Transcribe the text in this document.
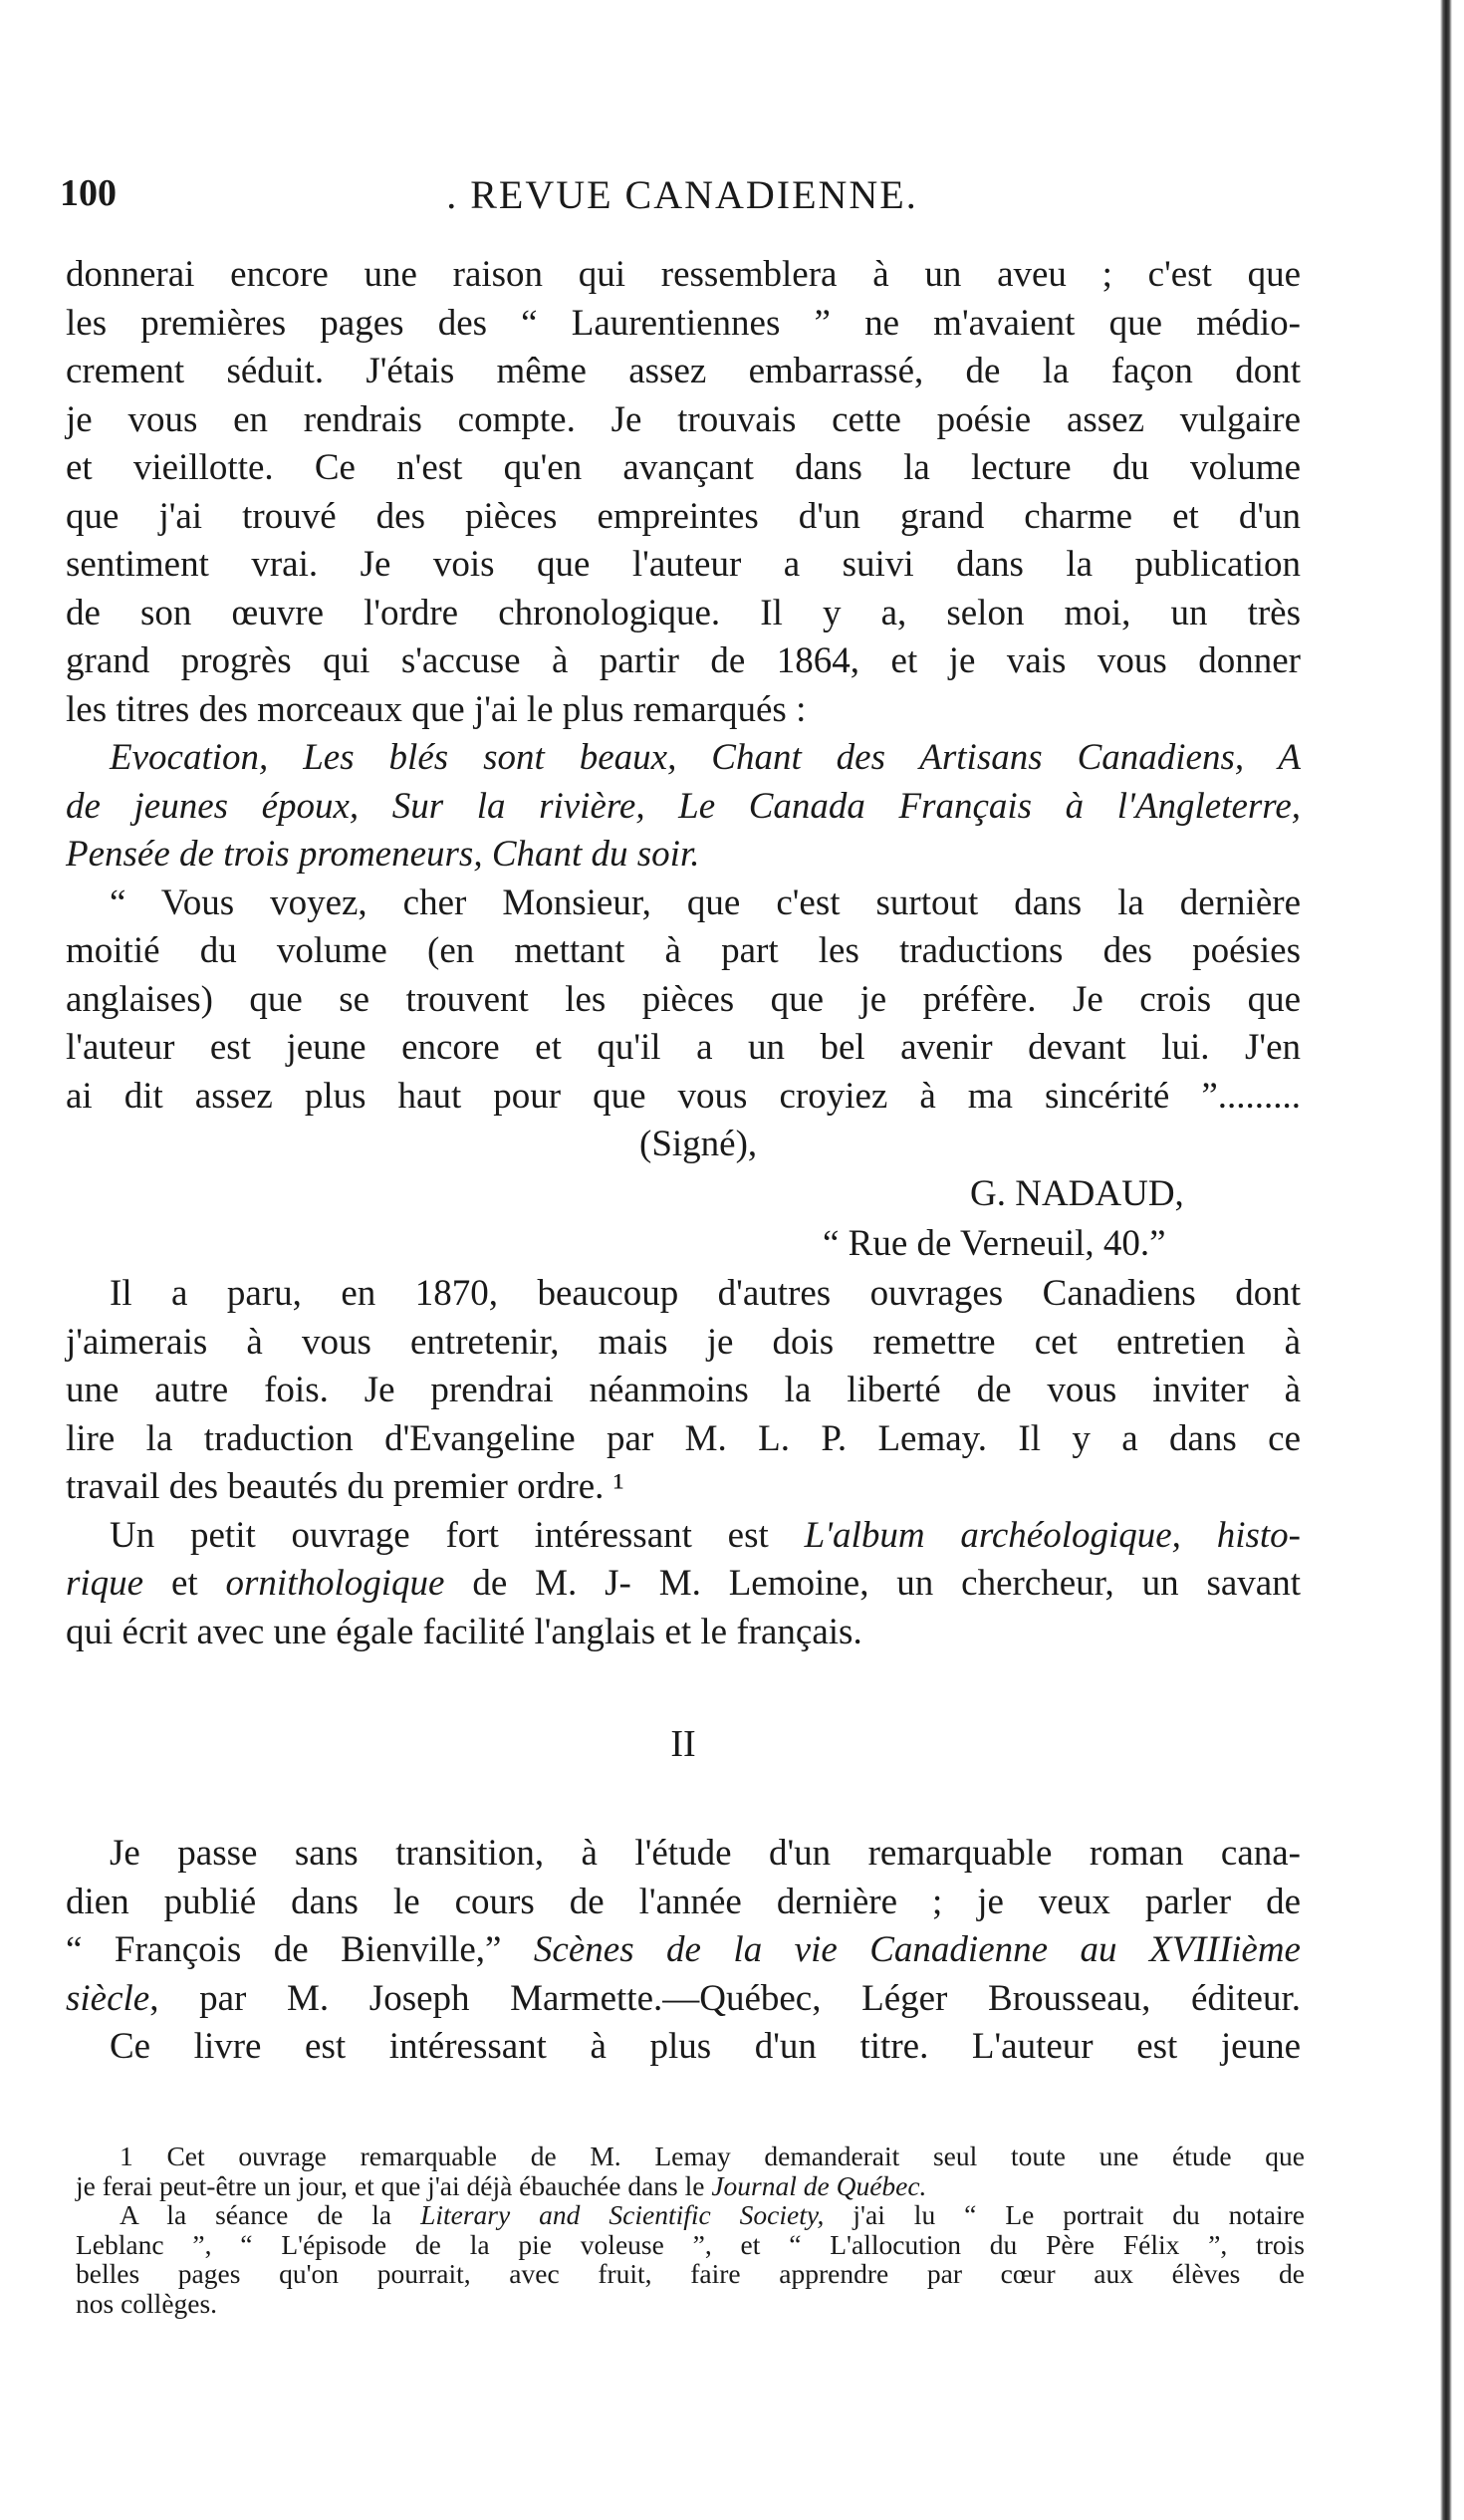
100	. REVUE CANADIENNE.
donnerai encore une raison qui ressemblera à un aveu ; c'est que
les premières pages des “ Laurentiennes ” ne m'avaient que médio-
crement séduit. J'étais même assez embarrassé, de la façon dont
je vous en rendrais compte. Je trouvais cette poésie assez vulgaire
et vieillotte. Ce n'est qu'en avançant dans la lecture du volume
que j'ai trouvé des pièces empreintes d'un grand charme et d'un
sentiment vrai. Je vois que l'auteur a suivi dans la publication
de son œuvre l'ordre chronologique. Il y a, selon moi, un très
grand progrès qui s'accuse à partir de 1864, et je vais vous donner
les titres des morceaux que j'ai le plus remarqués :
Evocation, Les blés sont beaux, Chant des Artisans Canadiens, A
de jeunes époux, Sur la rivière, Le Canada Français à l'Angleterre,
Pensée de trois promeneurs, Chant du soir.
“ Vous voyez, cher Monsieur, que c'est surtout dans la dernière
moitié du volume (en mettant à part les traductions des poésies
anglaises) que se trouvent les pièces que je préfère. Je crois que
l'auteur est jeune encore et qu'il a un bel avenir devant lui. J'en
ai dit assez plus haut pour que vous croyiez à ma sincérité ”.........
(Signé),
G. NADAUD,
“ Rue de Verneuil, 40.”
Il a paru, en 1870, beaucoup d'autres ouvrages Canadiens dont
j'aimerais à vous entretenir, mais je dois remettre cet entretien à
une autre fois. Je prendrai néanmoins la liberté de vous inviter à
lire la traduction d'Evangeline par M. L. P. Lemay. Il y a dans ce
travail des beautés du premier ordre. ¹
Un petit ouvrage fort intéressant est L'album archéologique, histo-
rique et ornithologique de M. J- M. Lemoine, un chercheur, un savant
qui écrit avec une égale facilité l'anglais et le français.
II
Je passe sans transition, à l'étude d'un remarquable roman cana-
dien publié dans le cours de l'année dernière ; je veux parler de
“ François de Bienville,” Scènes de la vie Canadienne au XVIIIième
siècle, par M. Joseph Marmette.—Québec, Léger Brousseau, éditeur.
Ce livre est intéressant à plus d'un titre. L'auteur est jeune
1 Cet ouvrage remarquable de M. Lemay demanderait seul toute une étude que
je ferai peut-être un jour, et que j'ai déjà ébauchée dans le Journal de Québec.
A la séance de la Literary and Scientific Society, j'ai lu “ Le portrait du notaire
Leblanc ”, “ L'épisode de la pie voleuse ”, et “ L'allocution du Père Félix ”, trois
belles pages qu'on pourrait, avec fruit, faire apprendre par cœur aux élèves de
nos collèges.
